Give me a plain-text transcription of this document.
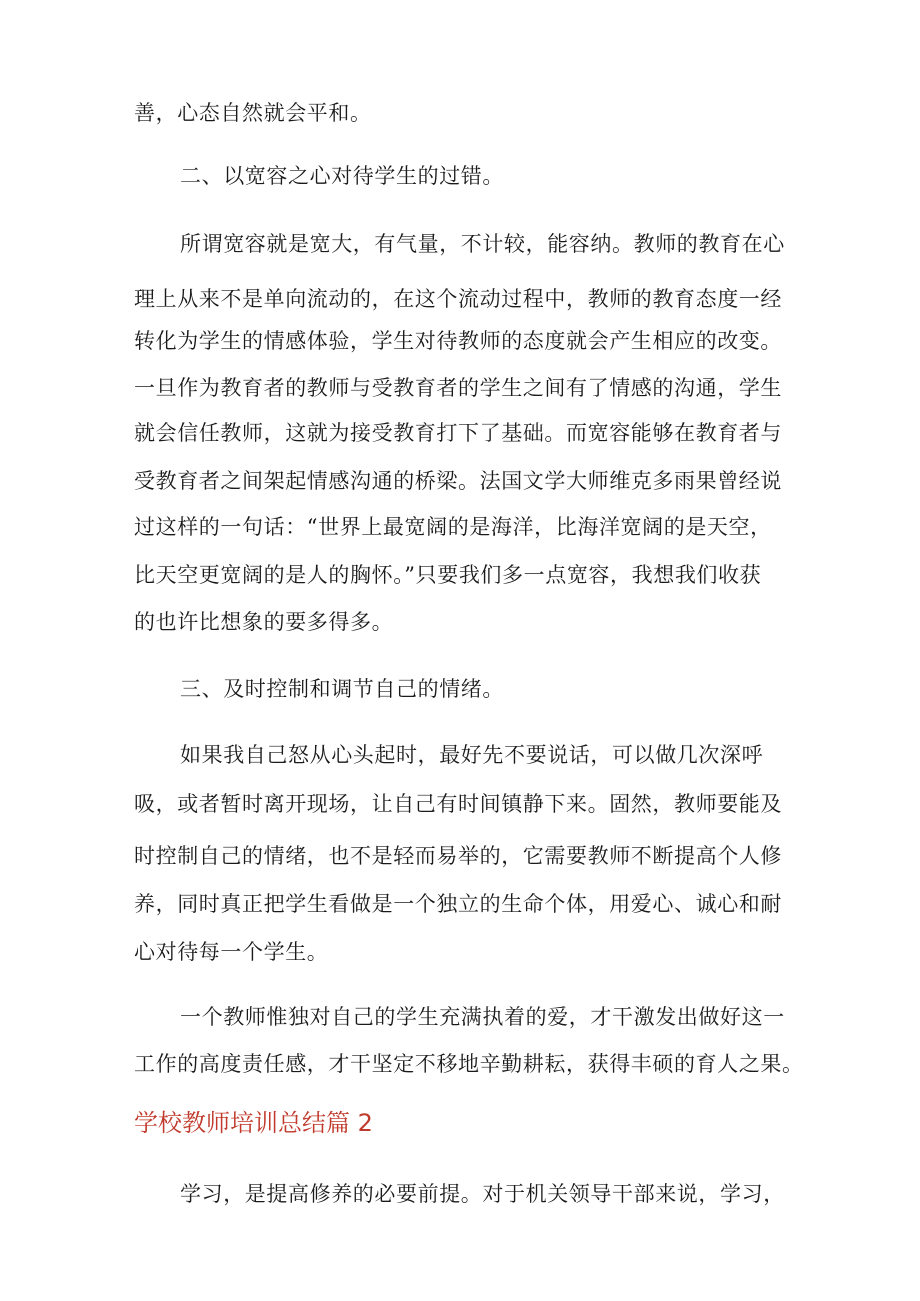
善，心态自然就会平和。
二、以宽容之心对待学生的过错。
所谓宽容就是宽大，有气量，不计较，能容纳。教师的教育在心
理上从来不是单向流动的，在这个流动过程中，教师的教育态度一经
转化为学生的情感体验，学生对待教师的态度就会产生相应的改变。
一旦作为教育者的教师与受教育者的学生之间有了情感的沟通，学生
就会信任教师，这就为接受教育打下了基础。而宽容能够在教育者与
受教育者之间架起情感沟通的桥梁。法国文学大师维克多雨果曾经说
过这样的一句话：“世界上最宽阔的是海洋，比海洋宽阔的是天空，
比天空更宽阔的是人的胸怀。”只要我们多一点宽容，我想我们收获
的也许比想象的要多得多。
三、及时控制和调节自己的情绪。
如果我自己怒从心头起时，最好先不要说话，可以做几次深呼
吸，或者暂时离开现场，让自己有时间镇静下来。固然，教师要能及
时控制自己的情绪，也不是轻而易举的，它需要教师不断提高个人修
养，同时真正把学生看做是一个独立的生命个体，用爱心、诚心和耐
心对待每一个学生。
一个教师惟独对自己的学生充满执着的爱，才干激发出做好这一
工作的高度责任感，才干坚定不移地辛勤耕耘，获得丰硕的育人之果。
学校教师培训总结篇 2
学习，是提高修养的必要前提。对于机关领导干部来说，学习，
